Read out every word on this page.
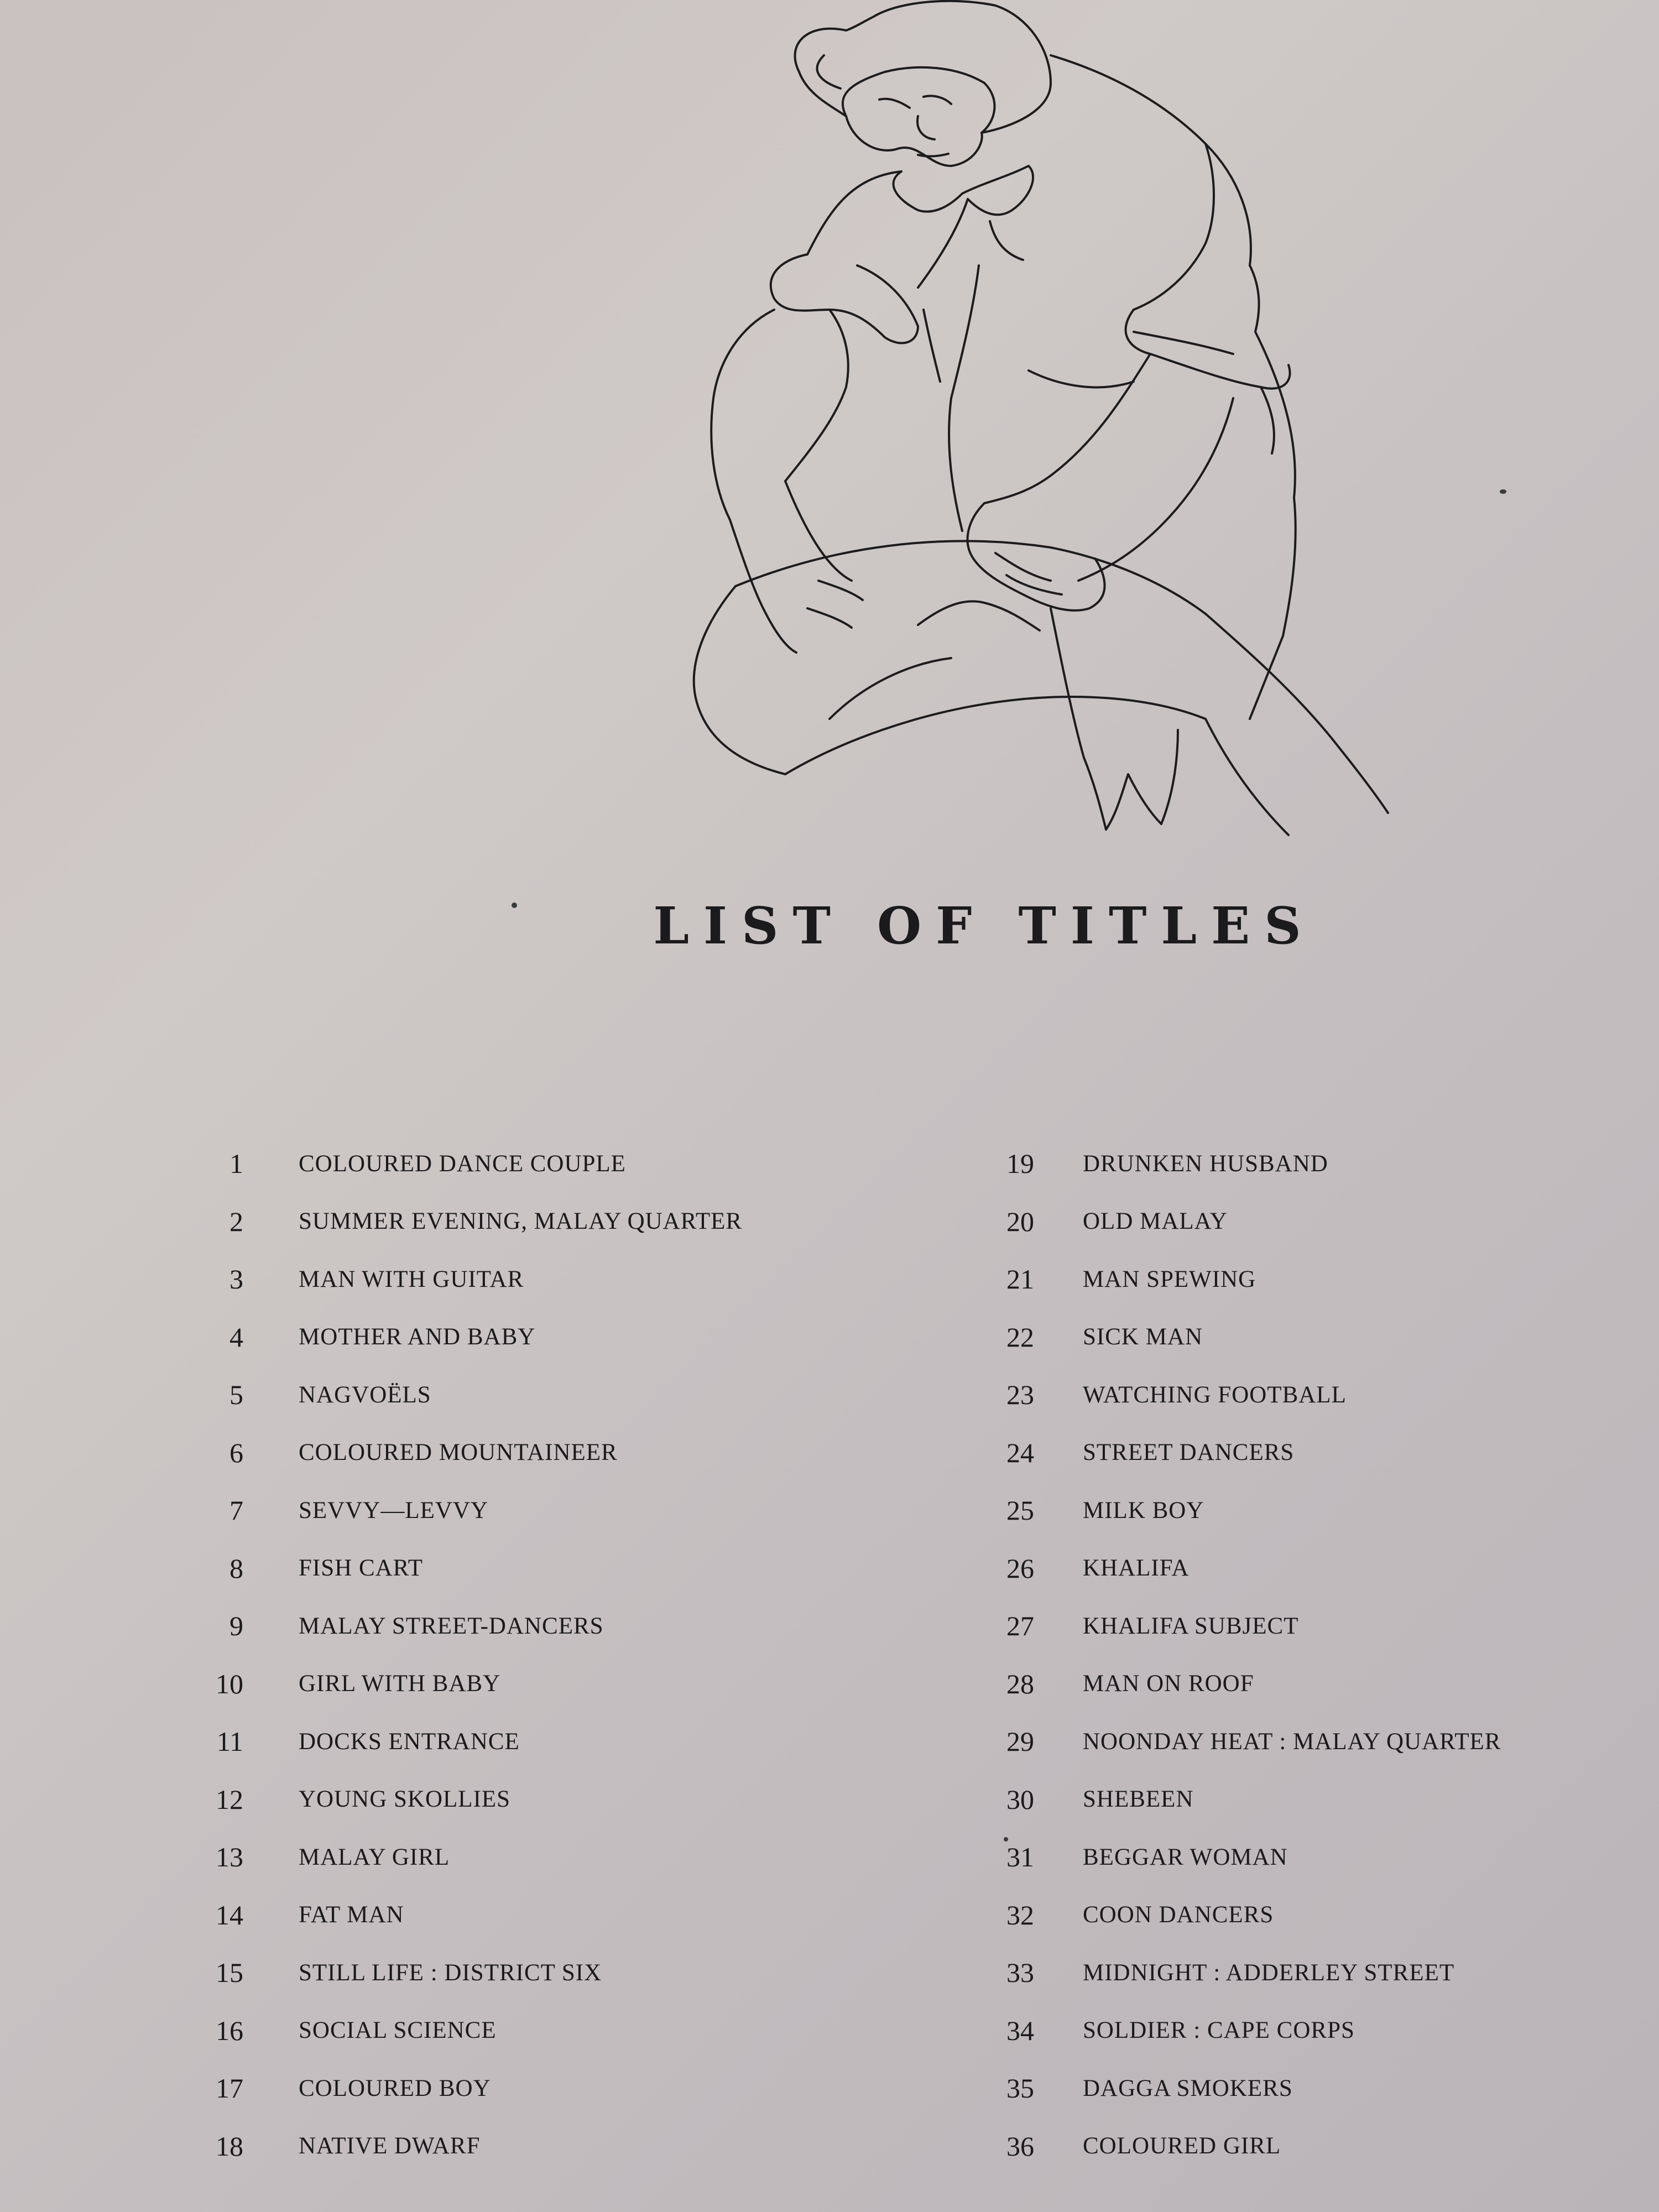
LIST OF TITLES
1 COLOURED DANCE COUPLE
2 SUMMER EVENING, MALAY QUARTER
3 MAN WITH GUITAR
4 MOTHER AND BABY
5 NAGVOËLS
6 COLOURED MOUNTAINEER
7 SEVVY—LEVVY
8 FISH CART
9 MALAY STREET-DANCERS
10 GIRL WITH BABY
11 DOCKS ENTRANCE
12 YOUNG SKOLLIES
13 MALAY GIRL
14 FAT MAN
15 STILL LIFE : DISTRICT SIX
16 SOCIAL SCIENCE
17 COLOURED BOY
18 NATIVE DWARF
19	DRUNKEN HUSBAND
20	OLD MALAY
21	MAN SPEWING
22	SICK MAN
23	WATCHING FOOTBALL
24	STREET DANCERS
25	MILK BOY
26	KHALIFA
27	KHALIFA SUBJECT
28	MAN ON ROOF
29	NOONDAY HEAT : MALAY QUARTER
30	SHEBEEN
31	BEGGAR WOMAN
32	COON DANCERS
33	MIDNIGHT : ADDERLEY STREET
34	SOLDIER : CAPE CORPS
35	DAGGA SMOKERS
36	COLOURED GIRL
